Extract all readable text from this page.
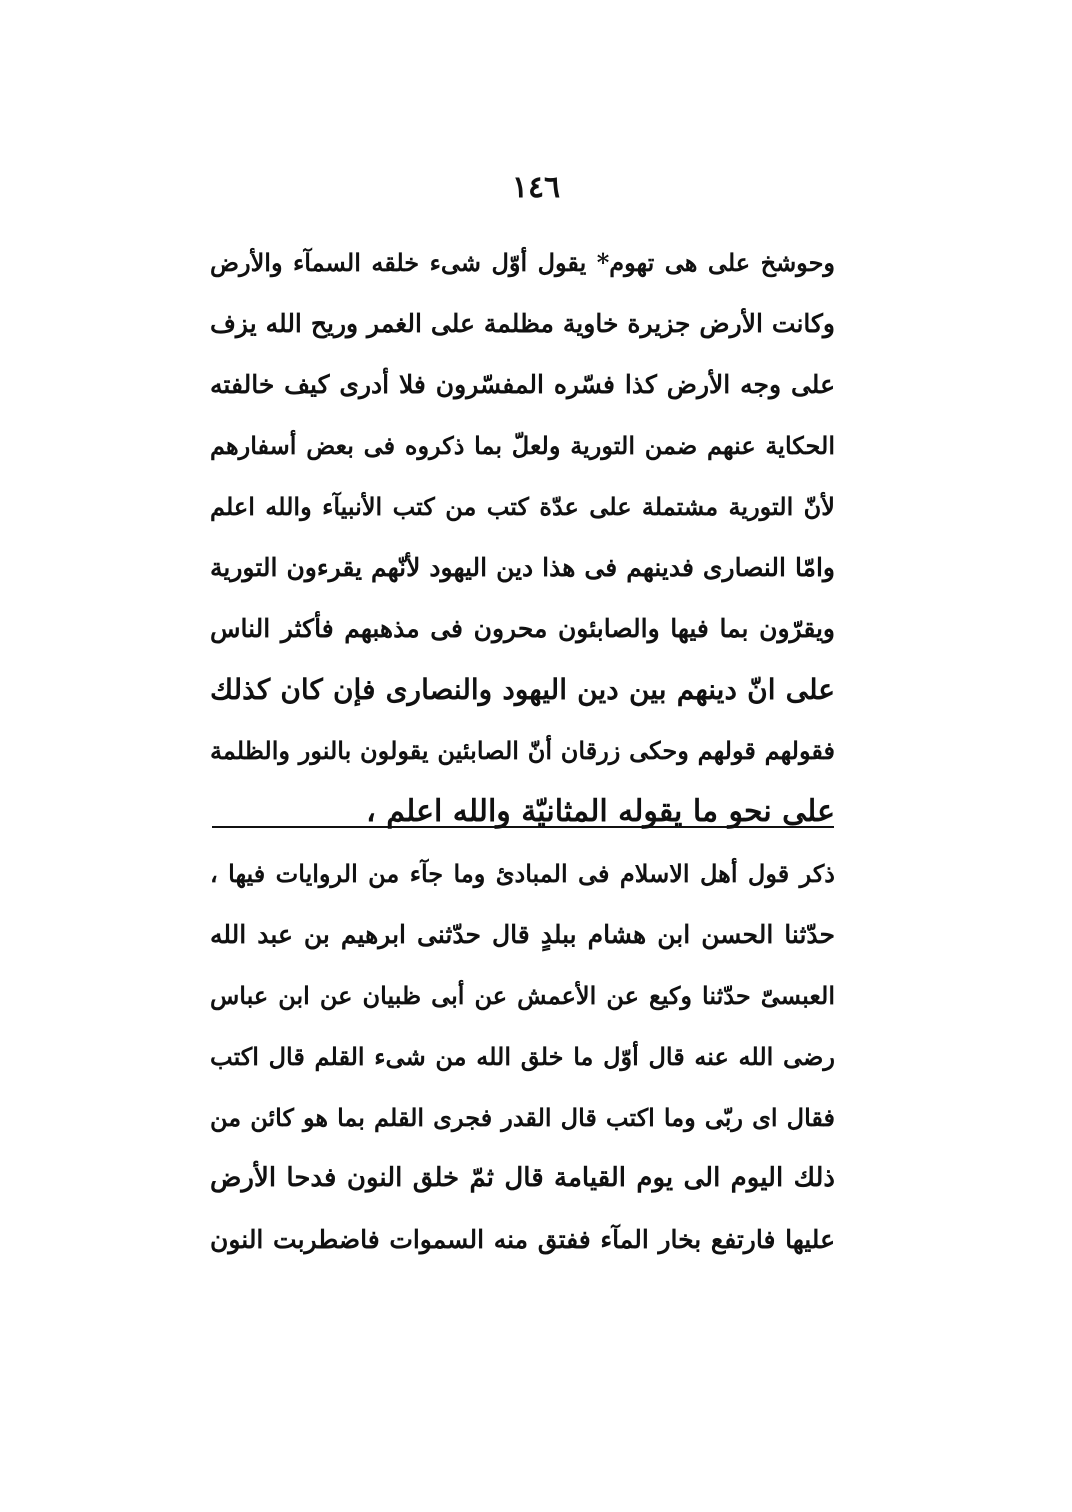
١٤٦
وحوشخ على هى تهوم* يقول أوّل شىء خلقه السمآء والأرض
وكانت الأرض جزيرة خاوية مظلمة على الغمر وريح الله يزف
على وجه الأرض كذا فسّره المفسّرون فلا أدرى كيف خالفته
الحكاية عنهم ضمن التورية ولعلّ بما ذكروه فى بعض أسفارهم
لأنّ التورية مشتملة على عدّة كتب من كتب الأنبيآء والله اعلم
وامّا النصارى فدينهم فى هذا دين اليهود لأنّهم يقرءون التورية
ويقرّون بما فيها والصابئون محرون فى مذهبهم فأكثر الناس
على انّ دينهم بين دين اليهود والنصارى فإن كان كذلك
فقولهم قولهم وحكى زرقان أنّ الصابئين يقولون بالنور والظلمة
على نحو ما يقوله المثانيّة والله اعلم ،
ذكر قول أهل الاسلام فى المبادئ وما جآء من الروايات فيها ،
حدّثنا الحسن ابن هشام ببلدٍ قال حدّثنى ابرهيم بن عبد الله
العبسىّ حدّثنا وكيع عن الأعمش عن أبى ظبيان عن ابن عباس
رضى الله عنه قال أوّل ما خلق الله من شىء القلم قال اكتب
فقال اى ربّى وما اكتب قال القدر فجرى القلم بما هو كائن من
ذلك اليوم الى يوم القيامة قال ثمّ خلق النون فدحا الأرض
عليها فارتفع بخار المآء ففتق منه السموات فاضطربت النون
